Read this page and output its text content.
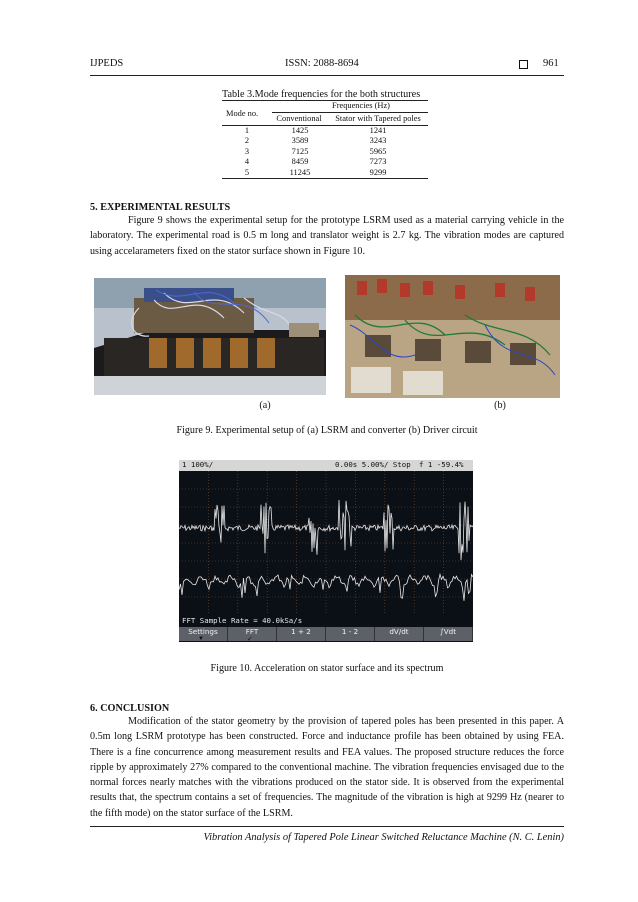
IJPEDS	ISSN: 2088-8694	961
Table 3.Mode frequencies for the both structures
Mode no.
Frequencies (Hz)
Conventional	Stator with Tapered poles
1	1425	1241
2	3589	3243
3	7125	5965
4	8459	7273
5	11245	9299
5. EXPERIMENTAL RESULTS

Figure 9 shows the experimental setup for the prototype LSRM used as a material carrying vehicle in the laboratory. The experimental road is 0.5 m long and translator weight is 2.7 kg. The vibration modes are captured using accelarameters fixed on the stator surface shown in Figure 10.

(a)	(b)
Figure 9. Experimental setup of (a) LSRM and converter (b) Driver circuit
1 100%/	0.00s 5.00%/ Stop f 1 -59.4%
FFT Sample Rate = 40.0kSa/s
Settings	FFT	1 + 2	1 - 2	dV/dt	∫Vdt
▼	✓
Figure 10. Acceleration on stator surface and its spectrum
6. CONCLUSION

Modification of the stator geometry by the provision of tapered poles has been presented in this paper. A 0.5m long LSRM prototype has been constructed. Force and inductance profile has been obtained by using FEA. There is a fine concurrence among measurement results and FEA values. The proposed structure reduces the force ripple by approximately 27% compared to the conventional machine. The vibration frequencies envisaged due to the normal forces nearly matches with the vibrations produced on the stator side. It is observed from the experimental results that, the spectrum contains a set of frequencies. The magnitude of the vibration is high at 9299 Hz (nearer to the fifth mode) on the stator surface of the LSRM.

Vibration Analysis of Tapered Pole Linear Switched Reluctance Machine (N. C. Lenin)
